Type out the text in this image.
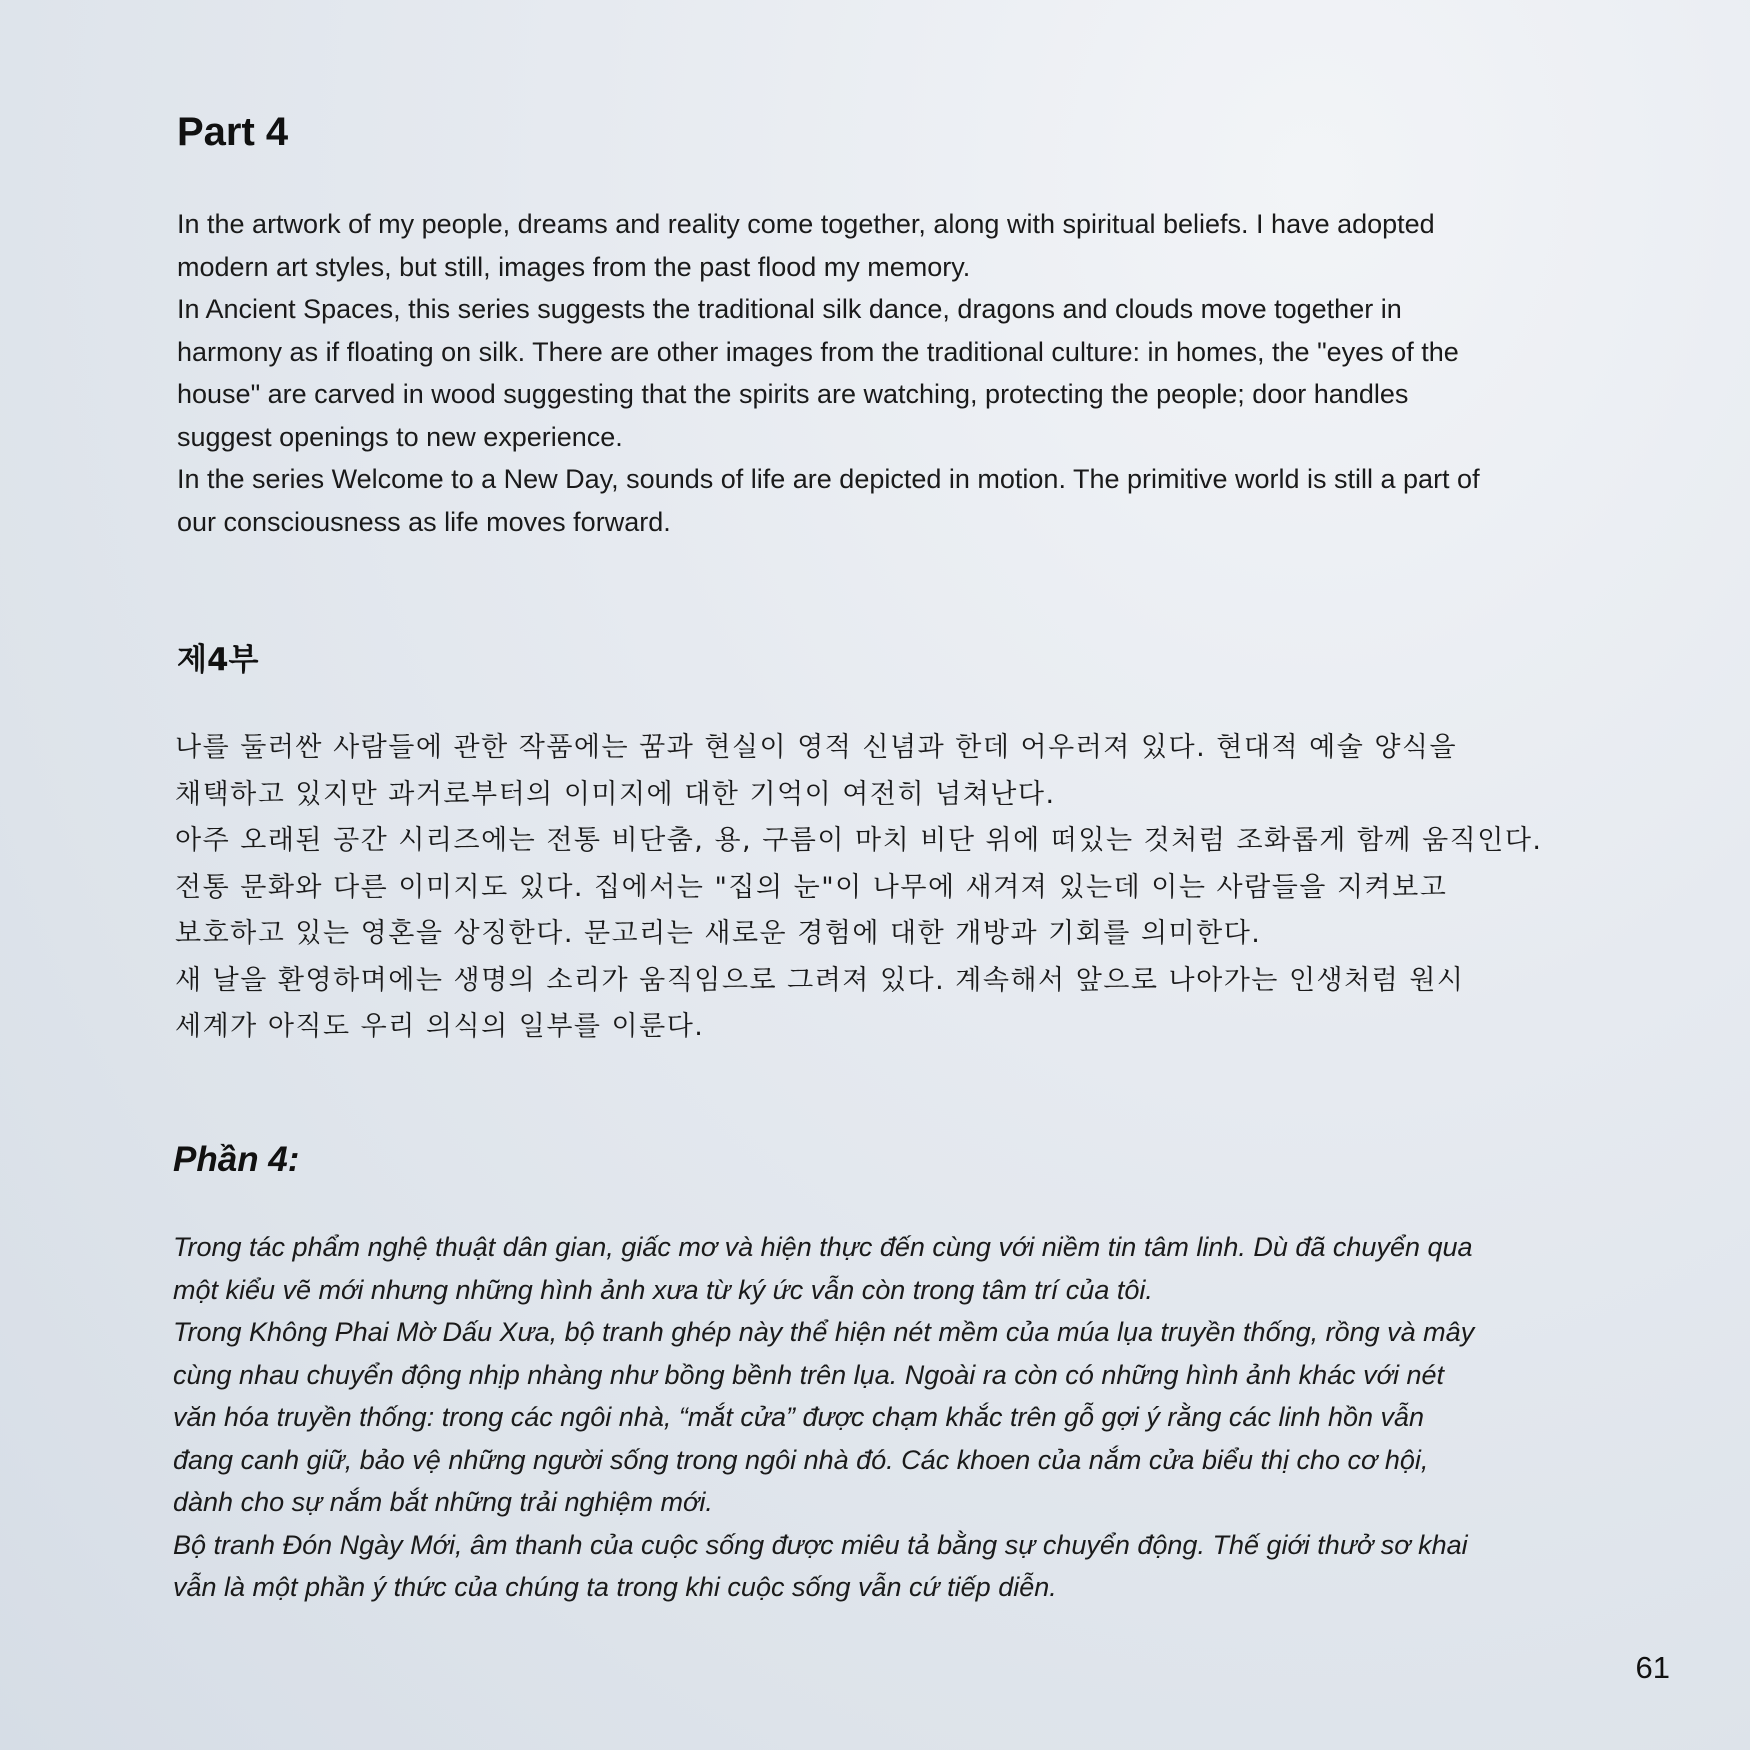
Part 4

In the artwork of my people, dreams and reality come together, along with spiritual beliefs. I have adopted

modern art styles, but still, images from the past flood my memory.

In Ancient Spaces, this series suggests the traditional silk dance, dragons and clouds move together in

harmony as if floating on silk. There are other images from the traditional culture: in homes, the "eyes of the

house" are carved in wood suggesting that the spirits are watching, protecting the people; door handles

suggest openings to new experience.

In the series Welcome to a New Day, sounds of life are depicted in motion. The primitive world is still a part of

our consciousness as life moves forward.

제4부

나를 둘러싼 사람들에 관한 작품에는 꿈과 현실이 영적 신념과 한데 어우러져 있다. 현대적 예술 양식을

채택하고 있지만 과거로부터의 이미지에 대한 기억이 여전히 넘쳐난다.

아주 오래된 공간 시리즈에는 전통 비단춤, 용, 구름이 마치 비단 위에 떠있는 것처럼 조화롭게 함께 움직인다.

전통 문화와 다른 이미지도 있다. 집에서는 "집의 눈"이 나무에 새겨져 있는데 이는 사람들을 지켜보고

보호하고 있는 영혼을 상징한다. 문고리는 새로운 경험에 대한 개방과 기회를 의미한다.

새 날을 환영하며에는 생명의 소리가 움직임으로 그려져 있다. 계속해서 앞으로 나아가는 인생처럼 원시

세계가 아직도 우리 의식의 일부를 이룬다.

Phần 4:

Trong tác phẩm nghệ thuật dân gian, giấc mơ và hiện thực đến cùng với niềm tin tâm linh. Dù đã chuyển qua

một kiểu vẽ mới nhưng những hình ảnh xưa từ ký ức vẫn còn trong tâm trí của tôi.

Trong Không Phai Mờ Dấu Xưa, bộ tranh ghép này thể hiện nét mềm của múa lụa truyền thống, rồng và mây

cùng nhau chuyển động nhịp nhàng như bồng bềnh trên lụa. Ngoài ra còn có những hình ảnh khác với nét

văn hóa truyền thống: trong các ngôi nhà, “mắt cửa” được chạm khắc trên gỗ gợi ý rằng các linh hồn vẫn

đang canh giữ, bảo vệ những người sống trong ngôi nhà đó. Các khoen của nắm cửa biểu thị cho cơ hội,

dành cho sự nắm bắt những trải nghiệm mới.

Bộ tranh Đón Ngày Mới, âm thanh của cuộc sống được miêu tả bằng sự chuyển động. Thế giới thưở sơ khai

vẫn là một phần ý thức của chúng ta trong khi cuộc sống vẫn cứ tiếp diễn.

61
